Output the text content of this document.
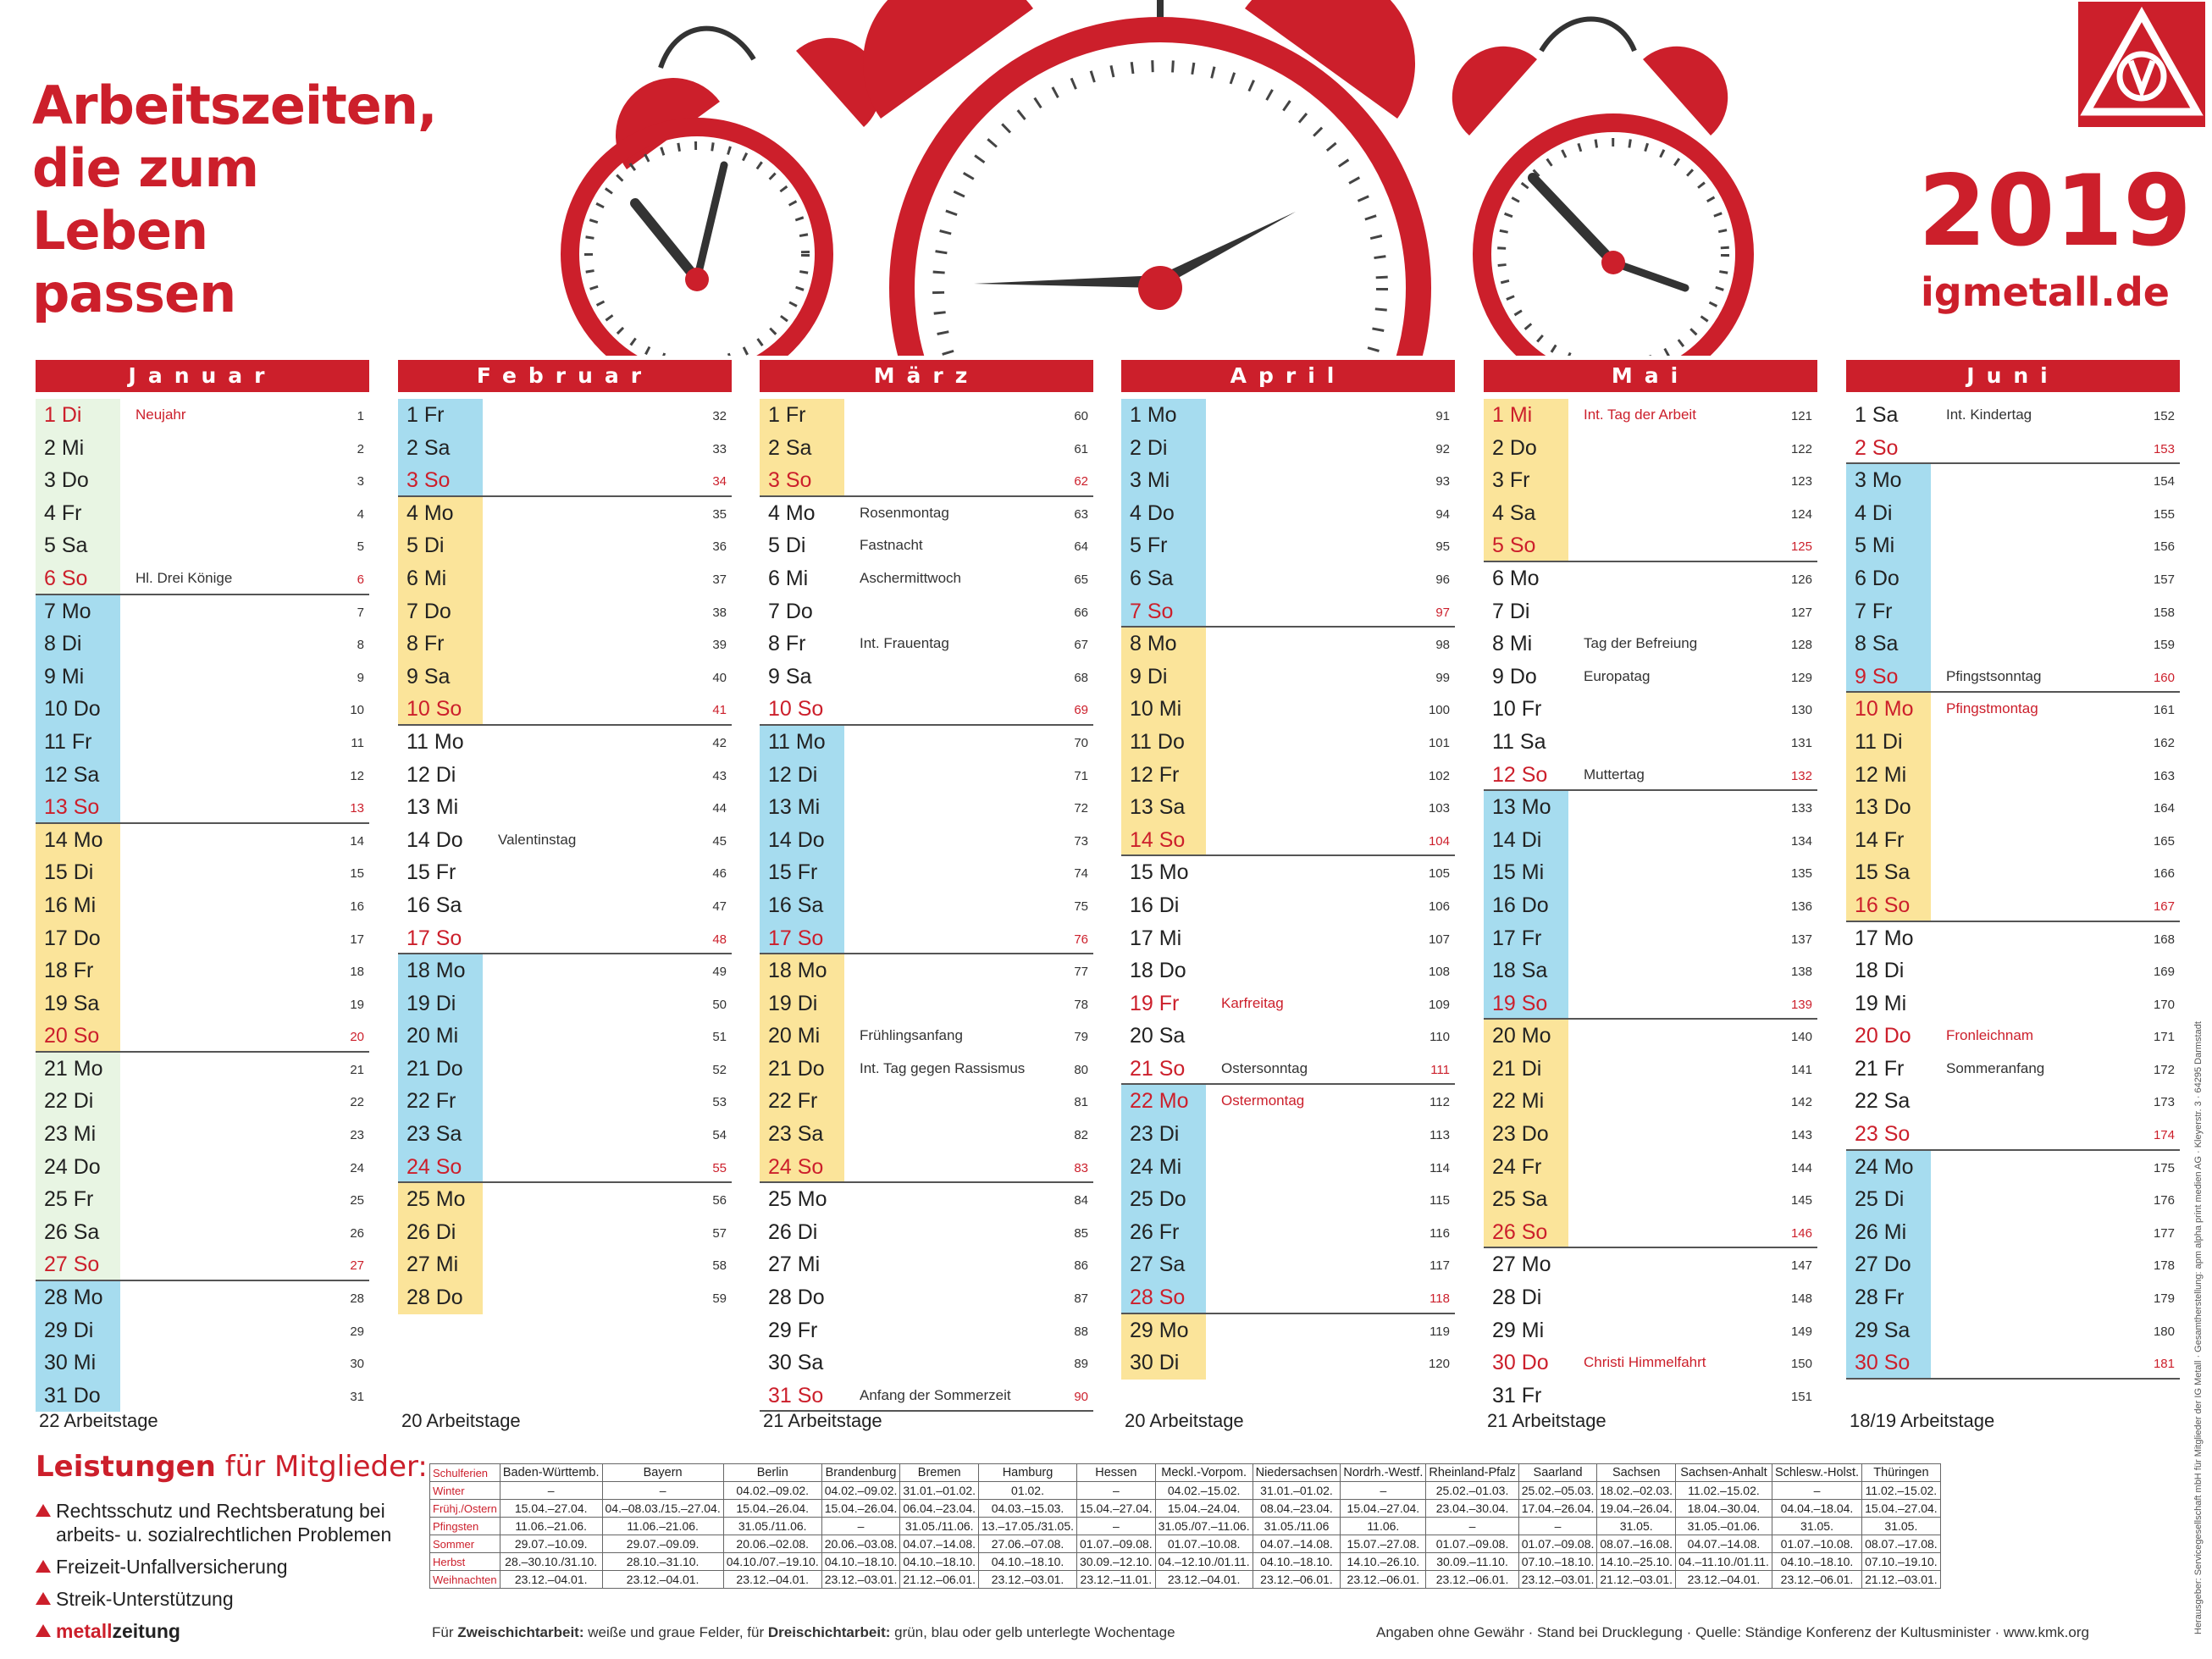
Arbeitszeiten,
die zum Leben
passen
2019
igmetall.de
Januar
1 Di	Neujahr	1
2 Mi	2
3 Do	3
4 Fr	4
5 Sa	5
6 So	Hl. Drei Könige	6
7 Mo	7
8 Di	8
9 Mi	9
10 Do	10
11 Fr	11
12 Sa	12
13 So	13
14 Mo	14
15 Di	15
16 Mi	16
17 Do	17
18 Fr	18
19 Sa	19
20 So	20
21 Mo	21
22 Di	22
23 Mi	23
24 Do	24
25 Fr	25
26 Sa	26
27 So	27
28 Mo	28
29 Di	29
30 Mi	30
31 Do	31
Februar
1 Fr	32
2 Sa	33
3 So	34
4 Mo	35
5 Di	36
6 Mi	37
7 Do	38
8 Fr	39
9 Sa	40
10 So	41
11 Mo	42
12 Di	43
13 Mi	44
14 Do	Valentinstag	45
15 Fr	46
16 Sa	47
17 So	48
18 Mo	49
19 Di	50
20 Mi	51
21 Do	52
22 Fr	53
23 Sa	54
24 So	55
25 Mo	56
26 Di	57
27 Mi	58
28 Do	59
März
1 Fr	60
2 Sa	61
3 So	62
4 Mo	Rosenmontag	63
5 Di	Fastnacht	64
6 Mi	Aschermittwoch	65
7 Do	66
8 Fr	Int. Frauentag	67
9 Sa	68
10 So	69
11 Mo	70
12 Di	71
13 Mi	72
14 Do	73
15 Fr	74
16 Sa	75
17 So	76
18 Mo	77
19 Di	78
20 Mi	Frühlingsanfang	79
21 Do	Int. Tag gegen Rassismus	80
22 Fr	81
23 Sa	82
24 So	83
25 Mo	84
26 Di	85
27 Mi	86
28 Do	87
29 Fr	88
30 Sa	89
31 So	Anfang der Sommerzeit	90
April
1 Mo	91
2 Di	92
3 Mi	93
4 Do	94
5 Fr	95
6 Sa	96
7 So	97
8 Mo	98
9 Di	99
10 Mi	100
11 Do	101
12 Fr	102
13 Sa	103
14 So	104
15 Mo	105
16 Di	106
17 Mi	107
18 Do	108
19 Fr	Karfreitag	109
20 Sa	110
21 So	Ostersonntag	111
22 Mo	Ostermontag	112
23 Di	113
24 Mi	114
25 Do	115
26 Fr	116
27 Sa	117
28 So	118
29 Mo	119
30 Di	120
Mai
1 Mi	Int. Tag der Arbeit	121
2 Do	122
3 Fr	123
4 Sa	124
5 So	125
6 Mo	126
7 Di	127
8 Mi	Tag der Befreiung	128
9 Do	Europatag	129
10 Fr	130
11 Sa	131
12 So	Muttertag	132
13 Mo	133
14 Di	134
15 Mi	135
16 Do	136
17 Fr	137
18 Sa	138
19 So	139
20 Mo	140
21 Di	141
22 Mi	142
23 Do	143
24 Fr	144
25 Sa	145
26 So	146
27 Mo	147
28 Di	148
29 Mi	149
30 Do	Christi Himmelfahrt	150
31 Fr	151
Juni
1 Sa	Int. Kindertag	152
2 So	153
3 Mo	154
4 Di	155
5 Mi	156
6 Do	157
7 Fr	158
8 Sa	159
9 So	Pfingstsonntag	160
10 Mo	Pfingstmontag	161
11 Di	162
12 Mi	163
13 Do	164
14 Fr	165
15 Sa	166
16 So	167
17 Mo	168
18 Di	169
19 Mi	170
20 Do	Fronleichnam	171
21 Fr	Sommeranfang	172
22 Sa	173
23 So	174
24 Mo	175
25 Di	176
26 Mi	177
27 Do	178
28 Fr	179
29 Sa	180
30 So	181
Leistungen für Mitglieder:
Rechtsschutz und Rechtsberatung bei arbeits- u. sozialrechtlichen Problemen
Freizeit-Unfallversicherung
Streik-Unterstützung
metallzeitung
Schulferien	Baden-Württemb.	Bayern	Berlin	Brandenburg	Bremen	Hamburg	Hessen	Meckl.-Vorpom.	Niedersachsen	Nordrh.-Westf.	Rheinland-Pfalz	Saarland	Sachsen	Sachsen-Anhalt	Schlesw.-Holst.	Thüringen
Winter	–	–	04.02.–09.02.	04.02.–09.02.	31.01.–01.02.	01.02.	–	04.02.–15.02.	31.01.–01.02.	–	25.02.–01.03.	25.02.–05.03.	18.02.–02.03.	11.02.–15.02.	–	11.02.–15.02.
Frühj./Ostern	15.04.–27.04.	04.–08.03./15.–27.04.	15.04.–26.04.	15.04.–26.04.	06.04.–23.04.	04.03.–15.03.	15.04.–27.04.	15.04.–24.04.	08.04.–23.04.	15.04.–27.04.	23.04.–30.04.	17.04.–26.04.	19.04.–26.04.	18.04.–30.04.	04.04.–18.04.	15.04.–27.04.
Pfingsten	11.06.–21.06.	11.06.–21.06.	31.05./11.06.	–	31.05./11.06.	13.–17.05./31.05.	–	31.05./07.–11.06.	31.05./11.06	11.06.	–	–	31.05.	31.05.–01.06.	31.05.	31.05.
Sommer	29.07.–10.09.	29.07.–09.09.	20.06.–02.08.	20.06.–03.08.	04.07.–14.08.	27.06.–07.08.	01.07.–09.08.	01.07.–10.08.	04.07.–14.08.	15.07.–27.08.	01.07.–09.08.	01.07.–09.08.	08.07.–16.08.	04.07.–14.08.	01.07.–10.08.	08.07.–17.08.
Herbst	28.–30.10./31.10.	28.10.–31.10.	04.10./07.–19.10.	04.10.–18.10.	04.10.–18.10.	04.10.–18.10.	30.09.–12.10.	04.–12.10./01.11.	04.10.–18.10.	14.10.–26.10.	30.09.–11.10.	07.10.–18.10.	14.10.–25.10.	04.–11.10./01.11.	04.10.–18.10.	07.10.–19.10.
Weihnachten	23.12.–04.01.	23.12.–04.01.	23.12.–04.01.	23.12.–03.01.	21.12.–06.01.	23.12.–03.01.	23.12.–11.01.	23.12.–04.01.	23.12.–06.01.	23.12.–06.01.	23.12.–06.01.	23.12.–03.01.	21.12.–03.01.	23.12.–04.01.	23.12.–06.01.	21.12.–03.01.
Für Zweischichtarbeit: weiße und graue Felder, für Dreischichtarbeit: grün, blau oder gelb unterlegte Wochentage	Angaben ohne Gewähr · Stand bei Drucklegung · Quelle: Ständige Konferenz der Kultusminister · www.kmk.org	Herausgeber: Servicegesellschaft mbH für Mitglieder der IG Metall · Gesamtherstellung: apm alpha print medien AG · Kleyerstr. 3 · 64295 Darmstadt
22 Arbeitstage	20 Arbeitstage	21 Arbeitstage	20 Arbeitstage	21 Arbeitstage	18/19 Arbeitstage
